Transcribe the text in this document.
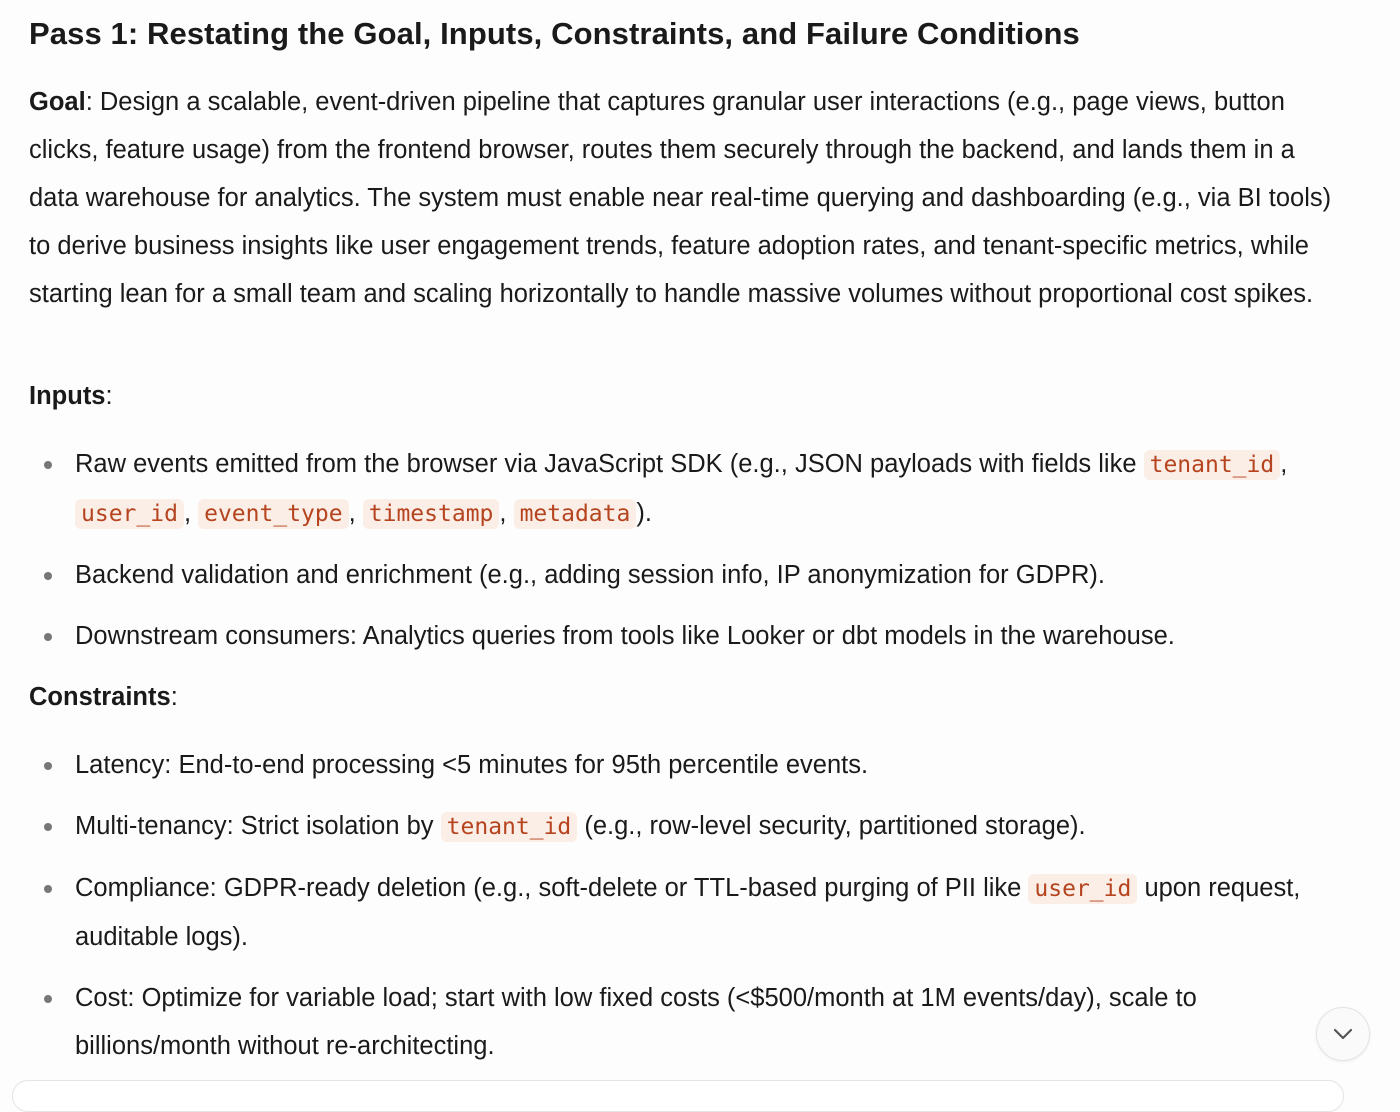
Pass 1: Restating the Goal, Inputs, Constraints, and Failure Conditions

Goal: Design a scalable, event-driven pipeline that captures granular user interactions (e.g., page views, button clicks, feature usage) from the frontend browser, routes them securely through the backend, and lands them in a data warehouse for analytics. The system must enable near real-time querying and dashboarding (e.g., via BI tools) to derive business insights like user engagement trends, feature adoption rates, and tenant-specific metrics, while starting lean for a small team and scaling horizontally to handle massive volumes without proportional cost spikes.

Inputs:

Raw events emitted from the browser via JavaScript SDK (e.g., JSON payloads with fields like tenant_id , user_id , event_type , timestamp , metadata ).
Backend validation and enrichment (e.g., adding session info, IP anonymization for GDPR).
Downstream consumers: Analytics queries from tools like Looker or dbt models in the warehouse.

Constraints:

Latency: End-to-end processing <5 minutes for 95th percentile events.
Multi-tenancy: Strict isolation by tenant_id (e.g., row-level security, partitioned storage).
Compliance: GDPR-ready deletion (e.g., soft-delete or TTL-based purging of PII like user_id upon request, auditable logs).
Cost: Optimize for variable load; start with low fixed costs (<$500/month at 1M events/day), scale to billions/month without re-architecting.
